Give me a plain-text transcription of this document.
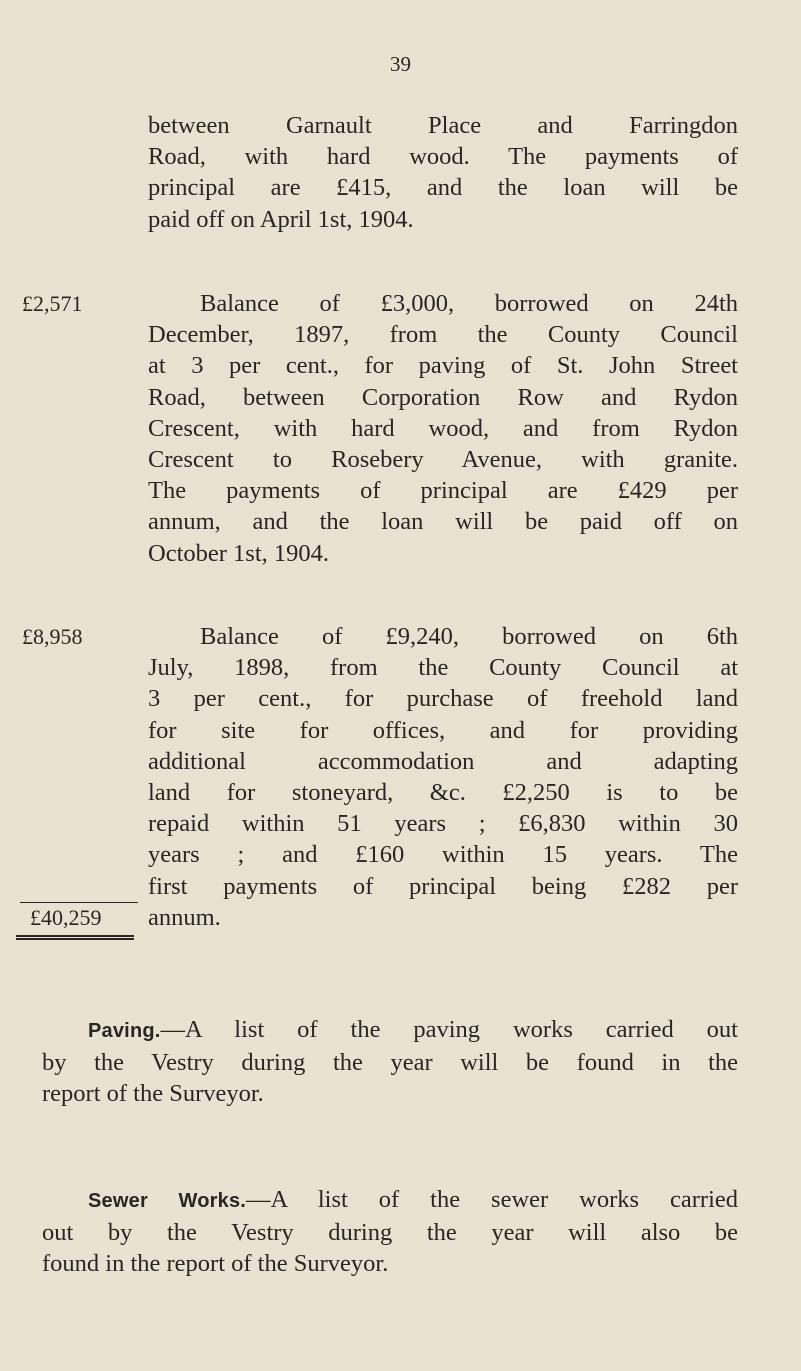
39
between Garnault Place and Farringdon
Road, with hard wood. The payments of
principal are £415, and the loan will be
paid off on April 1st, 1904.
£2,571	Balance of £3,000, borrowed on 24th
December, 1897, from the County Council
at 3 per cent., for paving of St. John Street
Road, between Corporation Row and Rydon
Crescent, with hard wood, and from Rydon
Crescent to Rosebery Avenue, with granite.
The payments of principal are £429 per
annum, and the loan will be paid off on
October 1st, 1904.
£8,958	Balance of £9,240, borrowed on 6th
July, 1898, from the County Council at
3 per cent., for purchase of freehold land
for site for offices, and for providing
additional accommodation and adapting
land for stoneyard, &c. £2,250 is to be
repaid within 51 years ; £6,830 within 30
years ; and £160 within 15 years. The
first payments of principal being £282 per
annum.
£40,259
Paving.—A list of the paving works carried out
by the Vestry during the year will be found in the
report of the Surveyor.
Sewer Works.—A list of the sewer works carried
out by the Vestry during the year will also be
found in the report of the Surveyor.
